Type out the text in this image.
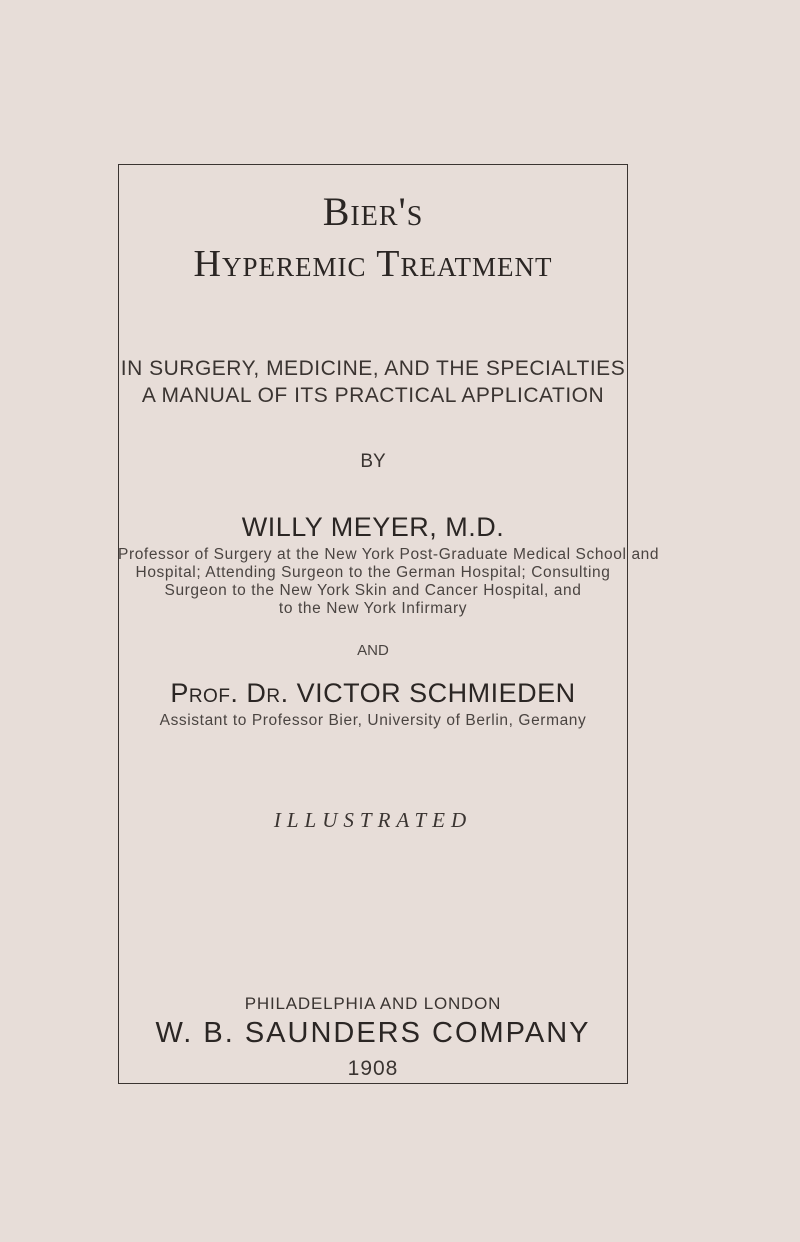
Bier's
Hyperemic Treatment
IN SURGERY, MEDICINE, AND THE SPECIALTIES
A MANUAL OF ITS PRACTICAL APPLICATION
BY
WILLY MEYER, M.D.
Professor of Surgery at the New York Post-Graduate Medical School and
Hospital; Attending Surgeon to the German Hospital; Consulting
Surgeon to the New York Skin and Cancer Hospital, and
to the New York Infirmary
AND
Prof. Dr. VICTOR SCHMIEDEN
Assistant to Professor Bier, University of Berlin, Germany
ILLUSTRATED
PHILADELPHIA AND LONDON
W. B. SAUNDERS COMPANY
1908
